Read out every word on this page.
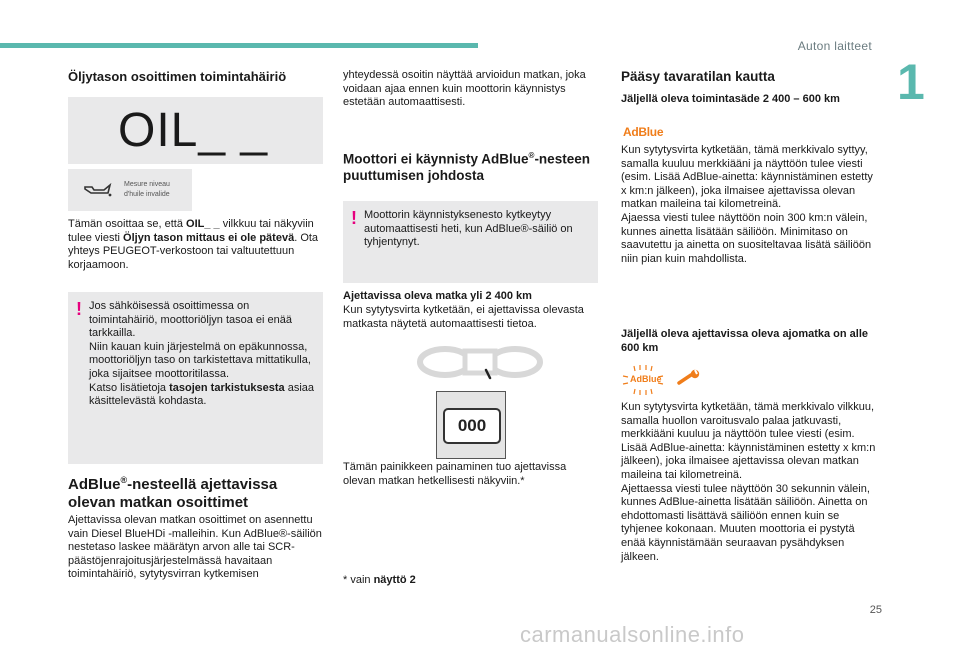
Auton laitteet
1
Öljytason osoittimen toimintahäiriö
OIL_ _
Mesure niveau
d'huile invalide
Tämän osoittaa se, että OIL_ _ vilkkuu tai näkyviin tulee viesti Öljyn tason mittaus ei ole pätevä. Ota yhteys PEUGEOT-verkostoon tai valtuutettuun korjaamoon.
! Jos sähköisessä osoittimessa on toimintahäiriö, moottoriöljyn tasoa ei enää tarkkailla.
Niin kauan kuin järjestelmä on epäkunnossa, moottoriöljyn taso on tarkistettava mittatikulla, joka sijaitsee moottoritilassa.
Katso lisätietoja tasojen tarkistuksesta asiaa käsittelevästä kohdasta.
AdBlue®-nesteellä ajettavissa olevan matkan osoittimet
Ajettavissa olevan matkan osoittimet on asennettu vain Diesel BlueHDi -malleihin. Kun AdBlue®-säiliön nestetaso laskee määrätyn arvon alle tai SCR-päästöjenrajoitusjärjestelmässä havaitaan toimintahäiriö, sytytysvirran kytkemisen
yhteydessä osoitin näyttää arvioidun matkan, joka voidaan ajaa ennen kuin moottorin käynnistys estetään automaattisesti.
Moottori ei käynnisty AdBlue®-nesteen puuttumisen johdosta
! Moottorin käynnistyksenesto kytkeytyy automaattisesti heti, kun AdBlue®-säiliö on tyhjentynyt.
Ajettavissa oleva matka yli 2 400 km
Kun sytytysvirta kytketään, ei ajettavissa olevasta matkasta näytetä automaattisesti tietoa.
000
Tämän painikkeen painaminen tuo ajettavissa olevan matkan hetkellisesti näkyviin.*
* vain näyttö 2
Pääsy tavaratilan kautta
Jäljellä oleva toimintasäde 2 400 – 600 km
AdBlue
Kun sytytysvirta kytketään, tämä merkkivalo syttyy, samalla kuuluu merkkiääni ja näyttöön tulee viesti (esim. Lisää AdBlue-ainetta: käynnistäminen estetty x km:n jälkeen), joka ilmaisee ajettavissa olevan matkan maileina tai kilometreinä.
Ajaessa viesti tulee näyttöön noin 300 km:n välein, kunnes ainetta lisätään säiliöön. Minimitaso on saavutettu ja ainetta on suositeltavaa lisätä säiliöön niin pian kuin mahdollista.
Jäljellä oleva ajettavissa oleva ajomatka on alle 600 km
AdBlue
Kun sytytysvirta kytketään, tämä merkkivalo vilkkuu, samalla huollon varoitusvalo palaa jatkuvasti, merkkiääni kuuluu ja näyttöön tulee viesti (esim. Lisää AdBlue-ainetta: käynnistäminen estetty x km:n jälkeen), joka ilmaisee ajettavissa olevan matkan maileina tai kilometreinä.
Ajettaessa viesti tulee näyttöön 30 sekunnin välein, kunnes AdBlue-ainetta lisätään säiliöön. Ainetta on ehdottomasti lisättävä säiliöön ennen kuin se tyhjenee kokonaan. Muuten moottoria ei pystytä enää käynnistämään seuraavan pysähdyksen jälkeen.
25
carmanualsonline.info
